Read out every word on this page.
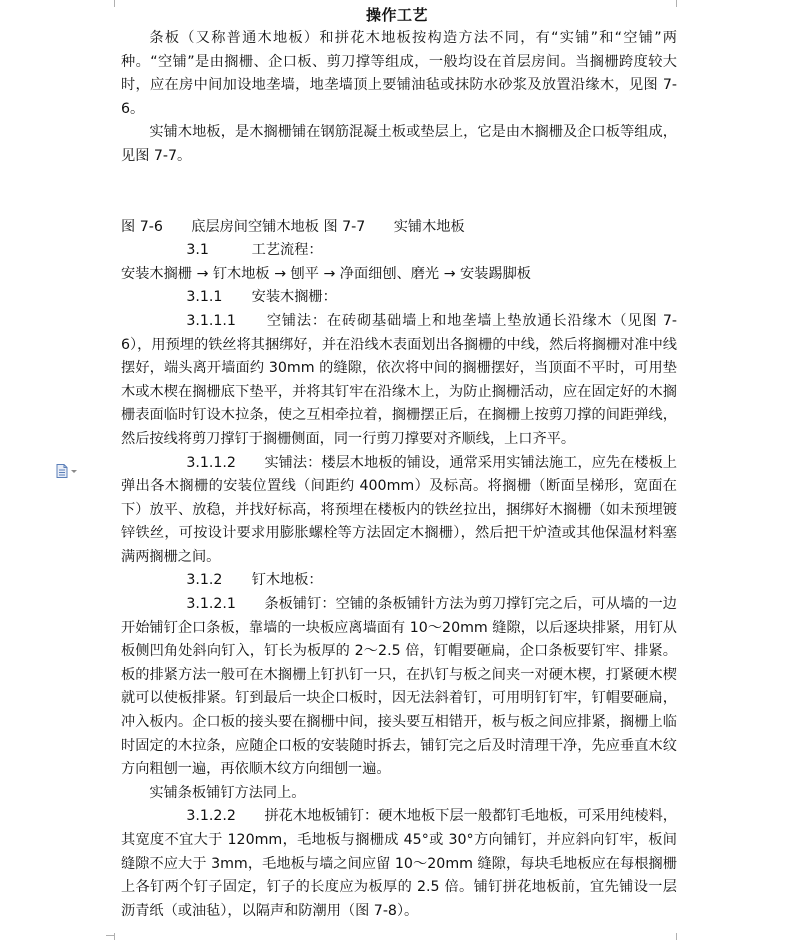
操作工艺

条板（又称普通木地板）和拼花木地板按构造方法不同，有“实铺”和“空铺”两种。“空铺”是由搁栅、企口板、剪刀撑等组成，一般均设在首层房间。当搁栅跨度较大时，应在房中间加设地垄墙，地垄墙顶上要铺油毡或抹防水砂浆及放置沿缘木，见图 7-6。

实铺木地板，是木搁栅铺在钢筋混凝土板或垫层上，它是由木搁栅及企口板等组成，见图 7-7。

图 7-6　　底层房间空铺木地板 图 7-7　　实铺木地板

3.1	工艺流程：

安装木搁栅 → 钉木地板 → 刨平 → 净面细刨、磨光 → 安装踢脚板

3.1.1 安装木搁栅：

3.1.1.1　　空铺法：在砖砌基础墙上和地垄墙上垫放通长沿缘木（见图 7-6），用预埋的铁丝将其捆绑好，并在沿线木表面划出各搁栅的中线，然后将搁栅对准中线摆好，端头离开墙面约 30mm 的缝隙，依次将中间的搁栅摆好，当顶面不平时，可用垫木或木楔在搁栅底下垫平，并将其钉牢在沿缘木上，为防止搁栅活动，应在固定好的木搁栅表面临时钉设木拉条，使之互相牵拉着，搁栅摆正后，在搁栅上按剪刀撑的间距弹线，然后按线将剪刀撑钉于搁栅侧面，同一行剪刀撑要对齐顺线，上口齐平。

3.1.1.2　　实铺法：楼层木地板的铺设，通常采用实铺法施工，应先在楼板上弹出各木搁栅的安装位置线（间距约 400mm）及标高。将搁栅（断面呈梯形，宽面在下）放平、放稳，并找好标高，将预埋在楼板内的铁丝拉出，捆绑好木搁栅（如未预埋镀锌铁丝，可按设计要求用膨胀螺栓等方法固定木搁栅），然后把干炉渣或其他保温材料塞满两搁栅之间。

3.1.2 钉木地板：

3.1.2.1　　条板铺钉：空铺的条板铺针方法为剪刀撑钉完之后，可从墙的一边开始铺钉企口条板，靠墙的一块板应离墙面有 10～20mm 缝隙，以后逐块排紧，用钉从板侧凹角处斜向钉入，钉长为板厚的 2～2.5 倍，钉帽要砸扁，企口条板要钉牢、排紧。板的排紧方法一般可在木搁栅上钉扒钉一只，在扒钉与板之间夹一对硬木楔，打紧硬木楔就可以使板排紧。钉到最后一块企口板时，因无法斜着钉，可用明钉钉牢，钉帽要砸扁，冲入板内。企口板的接头要在搁栅中间，接头要互相错开，板与板之间应排紧，搁栅上临时固定的木拉条，应随企口板的安装随时拆去，铺钉完之后及时清理干净，先应垂直木纹方向粗刨一遍，再依顺木纹方向细刨一遍。

实铺条板铺钉方法同上。

3.1.2.2　　拼花木地板铺钉：硬木地板下层一般都钉毛地板，可采用纯棱料，其宽度不宜大于 120mm，毛地板与搁栅成 45°或 30°方向铺钉，并应斜向钉牢，板间缝隙不应大于 3mm，毛地板与墙之间应留 10～20mm 缝隙，每块毛地板应在每根搁栅上各钉两个钉子固定，钉子的长度应为板厚的 2.5 倍。铺钉拼花地板前，宜先铺设一层沥青纸（或油毡），以隔声和防潮用（图 7-8）。
